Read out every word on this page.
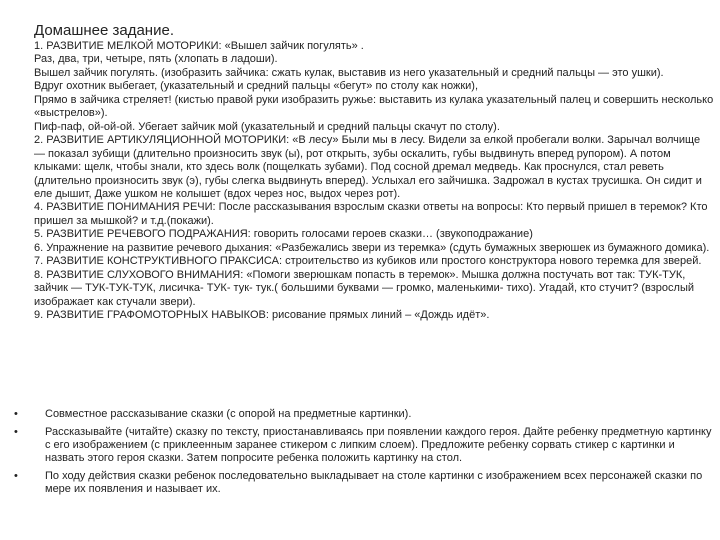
Домашнее задание.

1. РАЗВИТИЕ МЕЛКОЙ МОТОРИКИ: «Вышел зайчик погулять» .

Раз, два, три, четыре, пять (хлопать в ладоши).

Вышел зайчик погулять. (изобразить зайчика: сжать кулак, выставив из него указательный и средний пальцы — это ушки).

Вдруг охотник выбегает, (указательный и средний пальцы «бегут» по столу как ножки),

Прямо в зайчика стреляет! (кистью правой руки изобразить ружье: выставить из кулака указательный палец и совершить несколько «выстрелов»).

Пиф-паф, ой-ой-ой. Убегает зайчик мой (указательный и средний пальцы скачут по столу).

2. РАЗВИТИЕ АРТИКУЛЯЦИОННОЙ МОТОРИКИ: «В лесу» Были мы в лесу. Видели за елкой пробегали волки. Зарычал волчище — показал зубищи (длительно произносить звук (ы), рот открыть, зубы оскалить, губы выдвинуть вперед рупором). А потом клыками: щелк, чтобы знали, кто здесь волк (пощелкать зубами). Под сосной дремал медведь. Как проснулся, стал реветь (длительно произносить звук (э), губы слегка выдвинуть вперед). Услыхал его зайчишка. Задрожал в кустах трусишка. Он сидит и еле дышит, Даже ушком не колышет (вдох через нос, выдох через рот).

4. РАЗВИТИЕ ПОНИМАНИЯ РЕЧИ: После рассказывания взрослым сказки ответы на вопросы: Кто первый пришел в теремок? Кто пришел за мышкой? и т.д.(покажи).

5. РАЗВИТИЕ РЕЧЕВОГО ПОДРАЖАНИЯ: говорить голосами героев сказки… (звукоподражание)

6. Упражнение на развитие речевого дыхания: «Разбежались звери из теремка» (сдуть бумажных зверюшек из бумажного домика).

7. РАЗВИТИЕ КОНСТРУКТИВНОГО ПРАКСИСА: строительство из кубиков или простого конструктора нового теремка для зверей.

8. РАЗВИТИЕ СЛУХОВОГО ВНИМАНИЯ: «Помоги зверюшкам попасть в теремок». Мышка должна постучать вот так: ТУК-ТУК, зайчик — ТУК-ТУК-ТУК, лисичка- ТУК- тук- тук.( большими буквами — громко, маленькими- тихо). Угадай, кто стучит? (взрослый изображает как стучали звери).

9. РАЗВИТИЕ ГРАФОМОТОРНЫХ НАВЫКОВ: рисование прямых линий – «Дождь идёт».

•	Совместное рассказывание сказки (с опорой на предметные картинки).
•	Рассказывайте (читайте) сказку по тексту, приостанавливаясь при появлении каждого героя. Дайте ребенку предметную картинку с его изображением (с приклеенным заранее стикером с липким слоем). Предложите ребенку сорвать стикер с картинки и назвать этого героя сказки. Затем попросите ребенка положить картинку на стол.
•	По ходу действия сказки ребенок последовательно выкладывает на столе картинки с изображением всех персонажей сказки по мере их появления и называет их.
